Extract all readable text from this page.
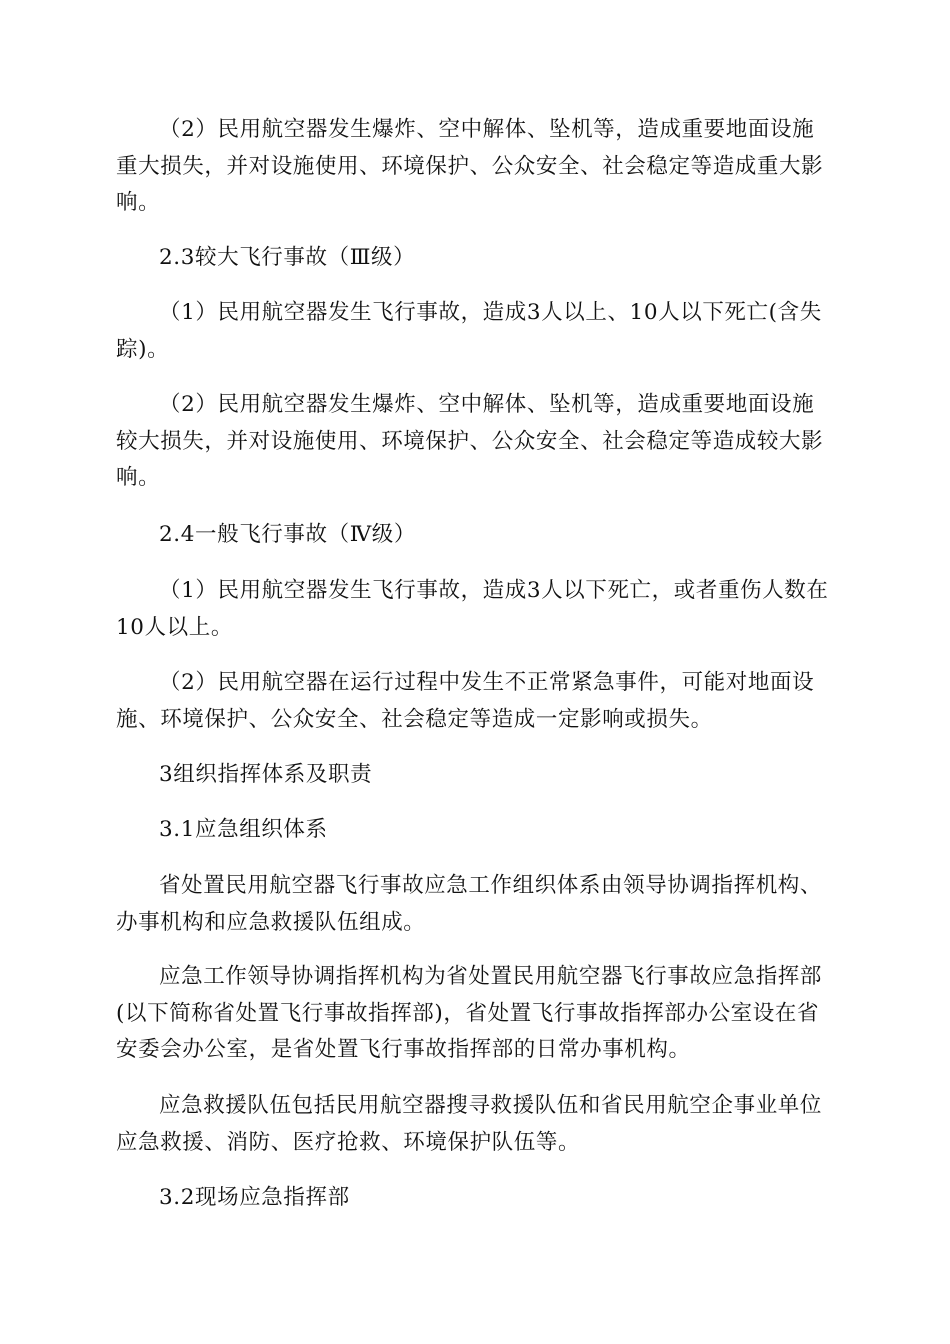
（2）民用航空器发生爆炸、空中解体、坠机等，造成重要地面设施重大损失，并对设施使用、环境保护、公众安全、社会稳定等造成重大影响。

2.3较大飞行事故（Ⅲ级）

（1）民用航空器发生飞行事故，造成3人以上、10人以下死亡(含失踪)。

（2）民用航空器发生爆炸、空中解体、坠机等，造成重要地面设施较大损失，并对设施使用、环境保护、公众安全、社会稳定等造成较大影响。

2.4一般飞行事故（Ⅳ级）

（1）民用航空器发生飞行事故，造成3人以下死亡，或者重伤人数在10人以上。

（2）民用航空器在运行过程中发生不正常紧急事件，可能对地面设施、环境保护、公众安全、社会稳定等造成一定影响或损失。

3组织指挥体系及职责

3.1应急组织体系

省处置民用航空器飞行事故应急工作组织体系由领导协调指挥机构、办事机构和应急救援队伍组成。

应急工作领导协调指挥机构为省处置民用航空器飞行事故应急指挥部(以下简称省处置飞行事故指挥部)，省处置飞行事故指挥部办公室设在省安委会办公室，是省处置飞行事故指挥部的日常办事机构。

应急救援队伍包括民用航空器搜寻救援队伍和省民用航空企事业单位应急救援、消防、医疗抢救、环境保护队伍等。

3.2现场应急指挥部
